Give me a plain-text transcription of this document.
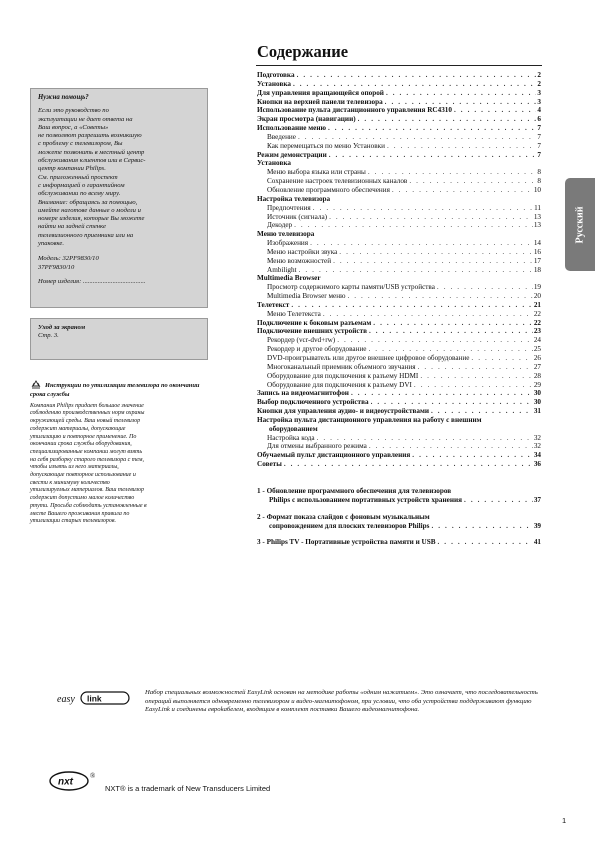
Нужна помощь?
Если это руководство по
эксплуатации не дает ответа на
Ваш вопрос, а «Советы»
не позволяют разрешить возникшую
с проблему с телевизором, Вы
можете позвонить в местный центр
обслуживания клиентов или в Сервис-
центр компании Philips.
См. приложенный проспект
с информацией о гарантийном
обслуживании по всему миру.
Внимание: обращаясь за помощью,
имейте наготове данные о модели и
номере изделия, которые Вы можете
найти на задней стенке
телевизионного приемника или на
упаковке.
Модель: 32PF9830/10
37PF9830/10
Номер изделия: ......................................
Уход за экраном
Стр. 3.
Инструкции по утилизации телевизора по окончании срока службы
Компания Philips придает большое значение
соблюдению производственных норм охраны
окружающей среды. Ваш новый телевизор
содержит материалы, допускающие
утилизацию и повторное применение. По
окончании срока службы оборудования,
специализированные компании могут взять
на себя разборку старого телевизора с тем,
чтобы изъять из него материалы,
допускающие повторное использование и
свести к минимуму количество
утилизируемых материалов. Ваш телевизор
содержит допустимо малое количество
ртути. Просьба соблюдать установленные в
месте Вашего проживания правила по
утилизации старых телевизоров.
Содержание
Подготовка . . .	2
Установка . . .	2
Для управления вращающейся опорой . . .	3
Кнопки на верхней панели телевизора . . .	3
Использование пульта дистанционного управления RC4310 . . .	4
Экран просмотра (навигации) . . .	6
Использование меню . . .	7
Введение . . .	7
Как перемещаться по меню Установки . . .	7
Режим демонстрации . . .	7
Установка
Меню выбора языка или страны . . .	8
Сохранение настроек телевизионных каналов . . .	8
Обновление программного обеспечения . . .	10
Настройка телевизора
Предпочтения . . .	11
Источник (сигнала) . . .	13
Декодер . . .	13
Меню телевизора
Изображения . . .	14
Меню настройки звука . . .	16
Меню возможностей . . .	17
Ambilight . . .	18
Multimedia Browser
Просмотр содержимого карты памяти/USB устройства . . .	19
Multimedia Browser меню . . .	20
Телетекст . . .	21
Меню Телетекста . . .	22
Подключение к боковым разъемам . . .	22
Подключение внешних устройств . . .	23
Рекордер (vcr-dvd+rw) . . .	24
Рекордер и другое оборудование . . .	25
DVD-проигрыватель или другое внешнее цифровое оборудование . . .	26
Многоканальный приемник объемного звучания . . .	27
Оборудование для подключения к разъему HDMI . . .	28
Оборудование для подключения к разъему DVI . . .	29
Запись на видеомагнитофон . . .	30
Выбор подключенного устройства . . .	30
Кнопки для управления аудио- и видеоустройствами . . .	31
Настройка пульта дистанционного управления на работу с внешним
оборудованием
Настройка кода . . .	32
Для отмены выбранного режима . . .	32
Обучаемый пульт дистанционного управления . . .	34
Советы . . .	36
1 - Обновление программного обеспечения для телевизоров
Philips с использованием портативных устройств хранения . . .	37
2 - Формат показа слайдов с фоновым музыкальным
сопровождением для плоских телевизоров Philips . . .	39
3 - Philips TV - Портативные устройства памяти и USB . . .	41
Русский
easy link
Набор специальных возможностей EasyLink основан на методике работы «одним нажатием». Это означает, что последовательность операций выполняется одновременно телевизором и видео-магнитофоном, при условии, что оба устройства поддерживают функцию EasyLink и соединены евроkабелем, входящим в комплект поставки Вашего видеомагнитофона.
nxt
®
NXT® is a trademark of New Transducers Limited
1
